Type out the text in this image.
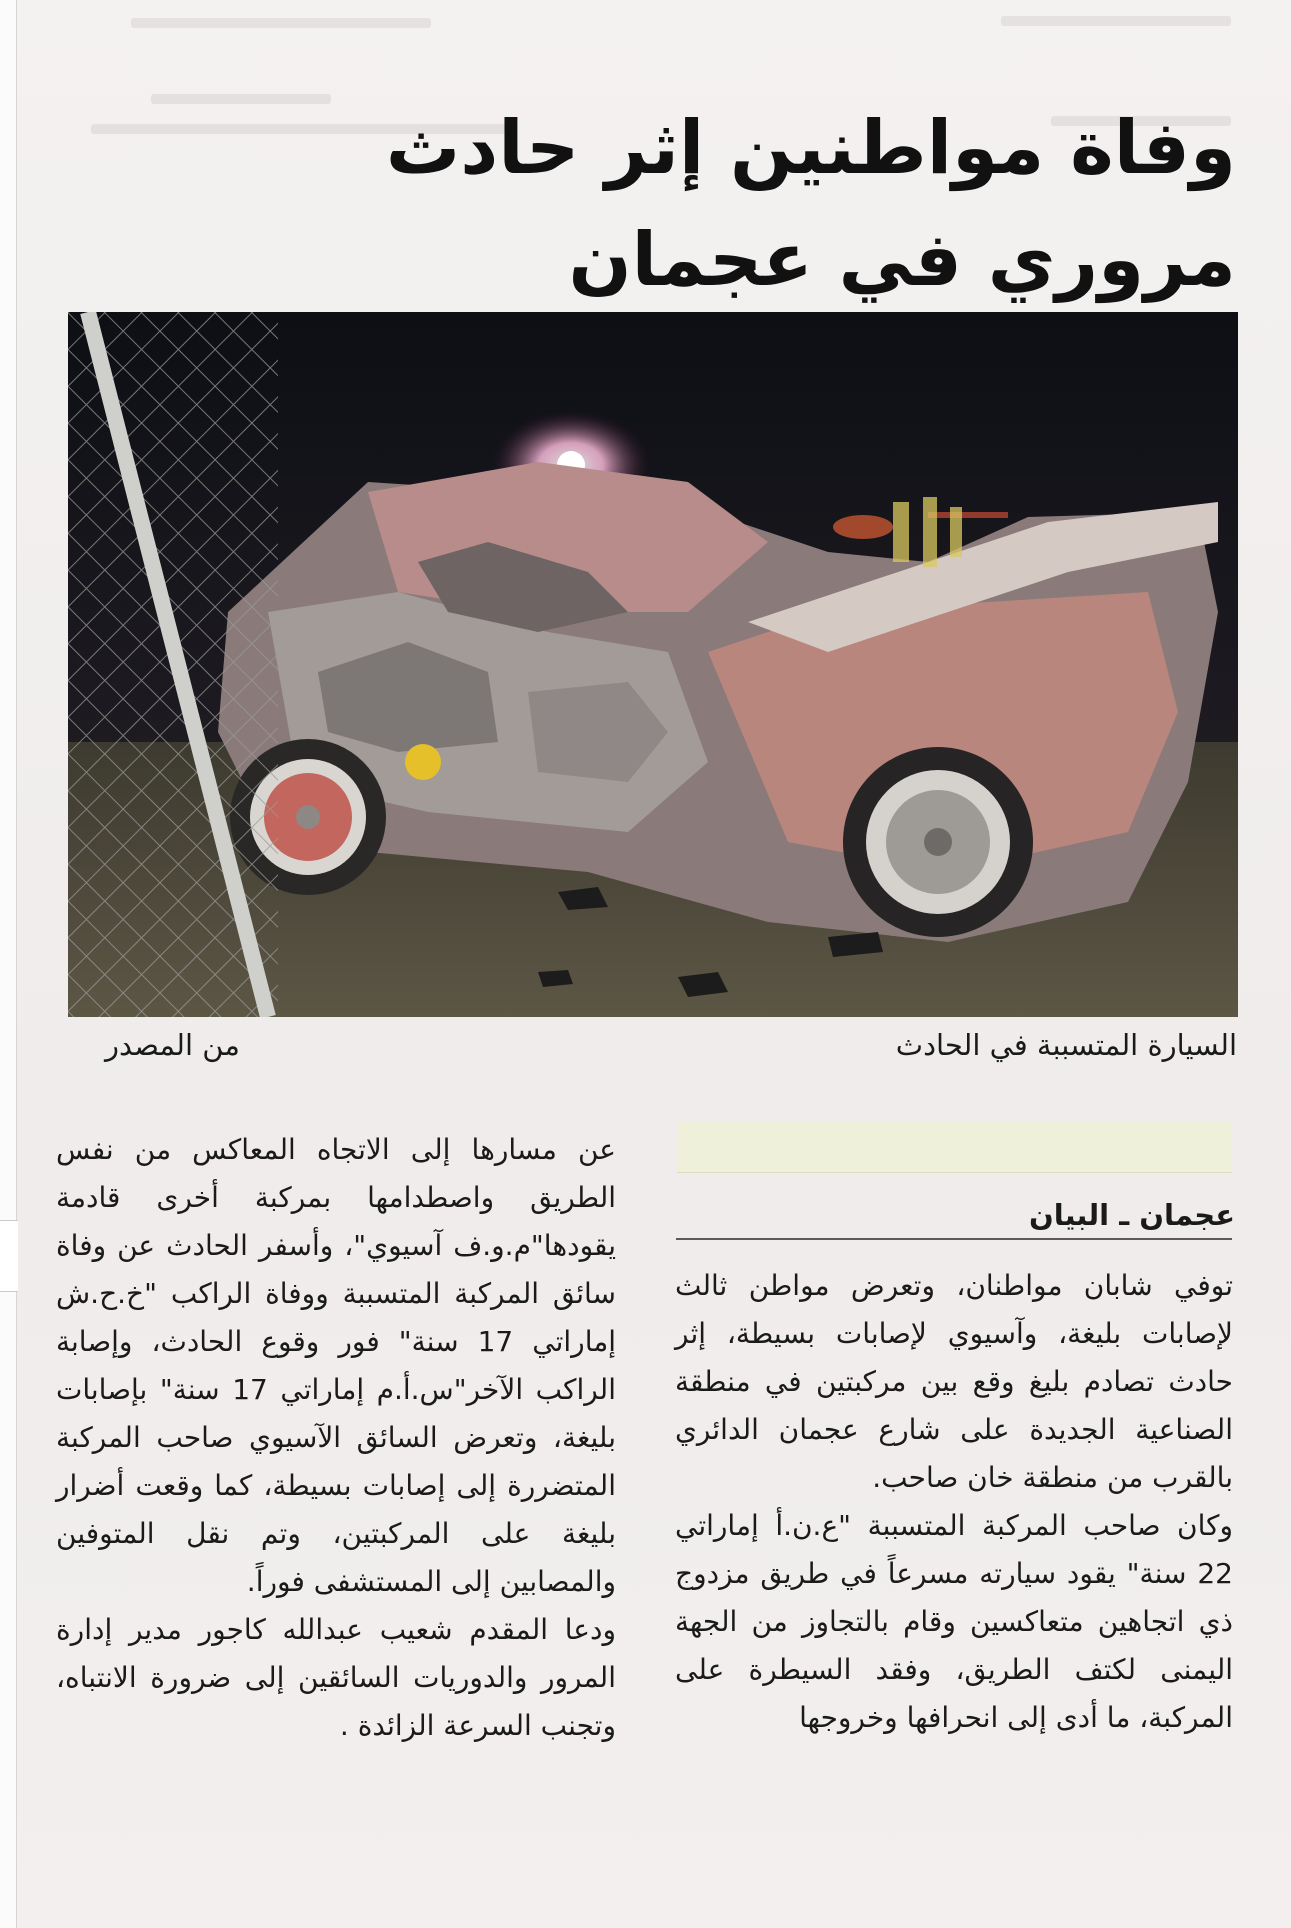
وفاة مواطنين إثر حادث مروري في عجمان
السيارة المتسببة في الحادث
من المصدر
عجمان ـ البيان

توفي شابان مواطنان، وتعرض مواطن ثالث لإصابات بليغة، وآسيوي لإصابات بسيطة، إثر حادث تصادم بليغ وقع بين مركبتين في منطقة الصناعية الجديدة على شارع عجمان الدائري بالقرب من منطقة خان صاحب.

وكان صاحب المركبة المتسببة "ع.ن.أ إماراتي 22 سنة" يقود سيارته مسرعاً في طريق مزدوج ذي اتجاهين متعاكسين وقام بالتجاوز من الجهة اليمنى لكتف الطريق، وفقد السيطرة على المركبة، ما أدى إلى انحرافها وخروجها

عن مسارها إلى الاتجاه المعاكس من نفس الطريق واصطدامها بمركبة أخرى قادمة يقودها"م.و.ف آسيوي"، وأسفر الحادث عن وفاة سائق المركبة المتسببة ووفاة الراكب "خ.ح.ش إماراتي 17 سنة" فور وقوع الحادث، وإصابة الراكب الآخر"س.أ.م إماراتي 17 سنة" بإصابات بليغة، وتعرض السائق الآسيوي صاحب المركبة المتضررة إلى إصابات بسيطة، كما وقعت أضرار بليغة على المركبتين، وتم نقل المتوفين والمصابين إلى المستشفى فوراً.

ودعا المقدم شعيب عبدالله كاجور مدير إدارة المرور والدوريات السائقين إلى ضرورة الانتباه، وتجنب السرعة الزائدة .
